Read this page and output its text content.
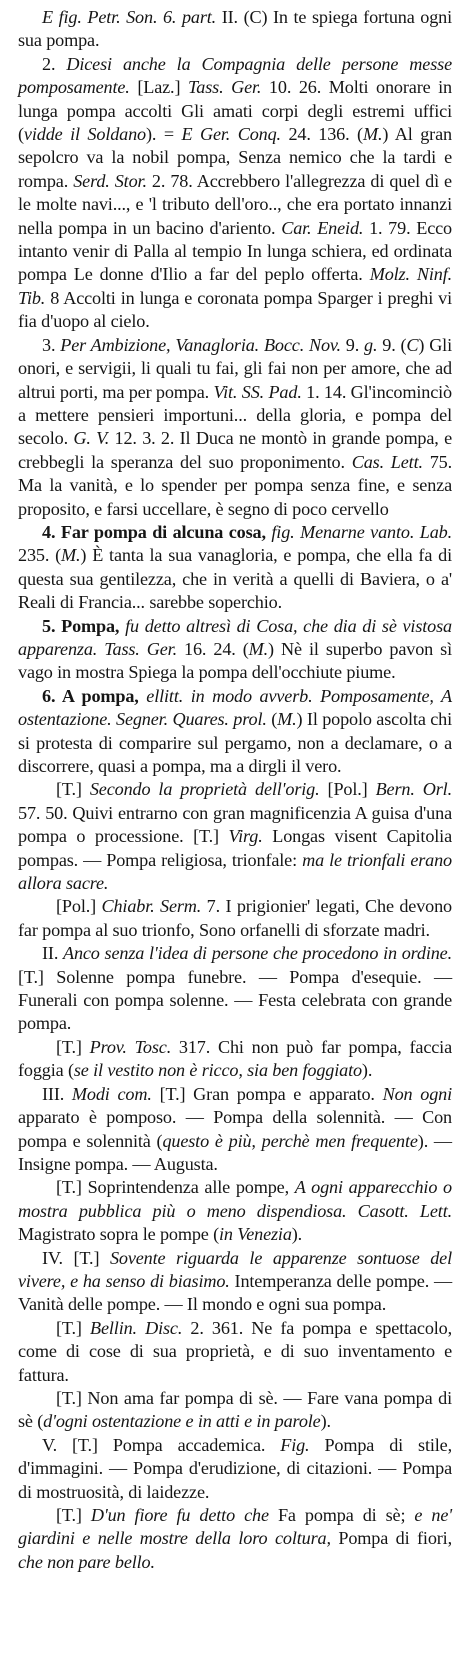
E fig. Petr. Son. 6. part. II. (C) In te spiega fortuna ogni sua pompa.

2. Dicesi anche la Compagnia delle persone messe pomposamente. [Laz.] Tass. Ger. 10. 26. Molti onorare in lunga pompa accolti Gli amati corpi degli estremi uffici (vidde il Soldano). = E Ger. Conq. 24. 136. (M.) Al gran sepolcro va la nobil pompa, Senza nemico che la tardi e rompa. Serd. Stor. 2. 78. Accrebbero l'allegrezza di quel dì e le molte navi..., e 'l tributo dell'oro.., che era portato innanzi nella pompa in un bacino d'ariento. Car. Eneid. 1. 79. Ecco intanto venir di Palla al tempio In lunga schiera, ed ordinata pompa Le donne d'Ilio a far del peplo offerta. Molz. Ninf. Tib. 8 Accolti in lunga e coronata pompa Sparger i preghi vi fia d'uopo al cielo.

3. Per Ambizione, Vanagloria. Bocc. Nov. 9. g. 9. (C) Gli onori, e servigii, li quali tu fai, gli fai non per amore, che ad altrui porti, ma per pompa. Vit. SS. Pad. 1. 14. Gl'incominciò a mettere pensieri importuni... della gloria, e pompa del secolo. G. V. 12. 3. 2. Il Duca ne montò in grande pompa, e crebbegli la speranza del suo proponimento. Cas. Lett. 75. Ma la vanità, e lo spender per pompa senza fine, e senza proposito, e farsi uccellare, è segno di poco cervello

4. Far pompa di alcuna cosa, fig. Menarne vanto. Lab. 235. (M.) È tanta la sua vanagloria, e pompa, che ella fa di questa sua gentilezza, che in verità a quelli di Baviera, o a' Reali di Francia... sarebbe soperchio.

5. Pompa, fu detto altresì di Cosa, che dia di sè vistosa apparenza. Tass. Ger. 16. 24. (M.) Nè il superbo pavon sì vago in mostra Spiega la pompa dell'occhiute piume.

6. A pompa, ellitt. in modo avverb. Pomposamente, A ostentazione. Segner. Quares. prol. (M.) Il popolo ascolta chi si protesta di comparire sul pergamo, non a declamare, o a discorrere, quasi a pompa, ma a dirgli il vero.

[T.] Secondo la proprietà dell'orig. [Pol.] Bern. Orl. 57. 50. Quivi entrarno con gran magnificenzia A guisa d'una pompa o processione. [T.] Virg. Longas visent Capitolia pompas. — Pompa religiosa, trionfale: ma le trionfali erano allora sacre.

[Pol.] Chiabr. Serm. 7. I prigionier' legati, Che devono far pompa al suo trionfo, Sono orfanelli di sforzate madri.

II. Anco senza l'idea di persone che procedono in ordine. [T.] Solenne pompa funebre. — Pompa d'esequie. — Funerali con pompa solenne. — Festa celebrata con grande pompa.

[T.] Prov. Tosc. 317. Chi non può far pompa, faccia foggia (se il vestito non è ricco, sia ben foggiato).

III. Modi com. [T.] Gran pompa e apparato. Non ogni apparato è pomposo. — Pompa della solennità. — Con pompa e solennità (questo è più, perchè men frequente). — Insigne pompa. — Augusta.

[T.] Soprintendenza alle pompe, A ogni apparecchio o mostra pubblica più o meno dispendiosa. Casott. Lett. Magistrato sopra le pompe (in Venezia).

IV. [T.] Sovente riguarda le apparenze sontuose del vivere, e ha senso di biasimo. Intemperanza delle pompe. — Vanità delle pompe. — Il mondo e ogni sua pompa.

[T.] Bellin. Disc. 2. 361. Ne fa pompa e spettacolo, come di cose di sua proprietà, e di suo inventamento e fattura.

[T.] Non ama far pompa di sè. — Fare vana pompa di sè (d'ogni ostentazione e in atti e in parole).

V. [T.] Pompa accademica. Fig. Pompa di stile, d'immagini. — Pompa d'erudizione, di citazioni. — Pompa di mostruosità, di laidezze.

[T.] D'un fiore fu detto che Fa pompa di sè; e ne' giardini e nelle mostre della loro coltura, Pompa di fiori, che non pare bello.
